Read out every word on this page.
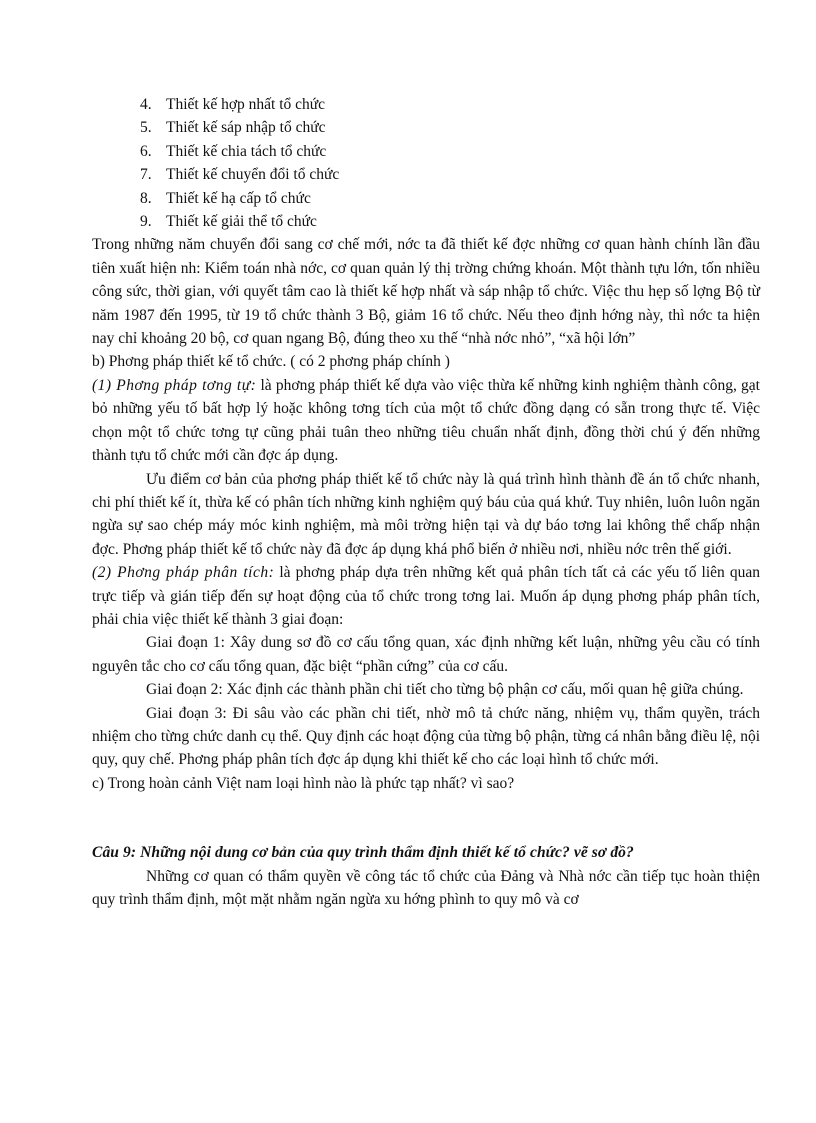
4. Thiết kế hợp nhất tổ chức
5. Thiết kế sáp nhập tổ chức
6. Thiết kế chia tách tổ chức
7. Thiết kế chuyển đổi tổ chức
8. Thiết kế hạ cấp tổ chức
9. Thiết kế giải thể tổ chức

Trong những năm chuyển đổi sang cơ chế mới, nớc ta đã thiết kế đợc những cơ quan hành chính lần đầu tiên xuất hiện nh: Kiểm toán nhà nớc, cơ quan quản lý thị trờng chứng khoán. Một thành tựu lớn, tốn nhiều công sức, thời gian, với quyết tâm cao là thiết kế hợp nhất và sáp nhập tổ chức. Việc thu hẹp số lợng Bộ từ năm 1987 đến 1995, từ 19 tổ chức thành 3 Bộ, giảm 16 tổ chức. Nếu theo định hớng này, thì nớc ta hiện nay chỉ khoảng 20 bộ, cơ quan ngang Bộ, đúng theo xu thế “nhà nớc nhỏ”, “xã hội lớn”

b) Phơng pháp thiết kế tổ chức. ( có 2 phơng pháp chính )

(1) Phơng pháp tơng tự: là phơng pháp thiết kế dựa vào việc thừa kế những kinh nghiệm thành công, gạt bỏ những yếu tố bất hợp lý hoặc không tơng tích của một tổ chức đồng dạng có sẵn trong thực tế. Việc chọn một tổ chức tơng tự cũng phải tuân theo những tiêu chuẩn nhất định, đồng thời chú ý đến những thành tựu tổ chức mới cần đợc áp dụng.

Ưu điểm cơ bản của phơng pháp thiết kế tổ chức này là quá trình hình thành đề án tổ chức nhanh, chi phí thiết kế ít, thừa kế có phân tích những kinh nghiệm quý báu của quá khứ. Tuy nhiên, luôn luôn ngăn ngừa sự sao chép máy móc kinh nghiệm, mà môi trờng hiện tại và dự báo tơng lai không thể chấp nhận đợc. Phơng pháp thiết kế tổ chức này đã đợc áp dụng khá phổ biến ở nhiều nơi, nhiều nớc trên thế giới.

(2) Phơng pháp phân tích: là phơng pháp dựa trên những kết quả phân tích tất cả các yếu tố liên quan trực tiếp và gián tiếp đến sự hoạt động của tổ chức trong tơng lai. Muốn áp dụng phơng pháp phân tích, phải chia việc thiết kế thành 3 giai đoạn:

Giai đoạn 1: Xây dung sơ đồ cơ cấu tổng quan, xác định những kết luận, những yêu cầu có tính nguyên tắc cho cơ cấu tổng quan, đặc biệt “phần cứng” của cơ cấu.

Giai đoạn 2: Xác định các thành phần chi tiết cho từng bộ phận cơ cấu, mối quan hệ giữa chúng.

Giai đoạn 3: Đi sâu vào các phần chi tiết, nhờ mô tả chức năng, nhiệm vụ, thẩm quyền, trách nhiệm cho từng chức danh cụ thể. Quy định các hoạt động của từng bộ phận, từng cá nhân bằng điều lệ, nội quy, quy chế. Phơng pháp phân tích đợc áp dụng khi thiết kế cho các loại hình tổ chức mới.

c) Trong hoàn cảnh Việt nam loại hình nào là phức tạp nhất? vì sao?

Câu 9: Những nội dung cơ bản của quy trình thẩm định thiết kế tổ chức? vẽ sơ đồ?

Những cơ quan có thẩm quyền về công tác tổ chức của Đảng và Nhà nớc cần tiếp tục hoàn thiện quy trình thẩm định, một mặt nhằm ngăn ngừa xu hớng phình to quy mô và cơ
